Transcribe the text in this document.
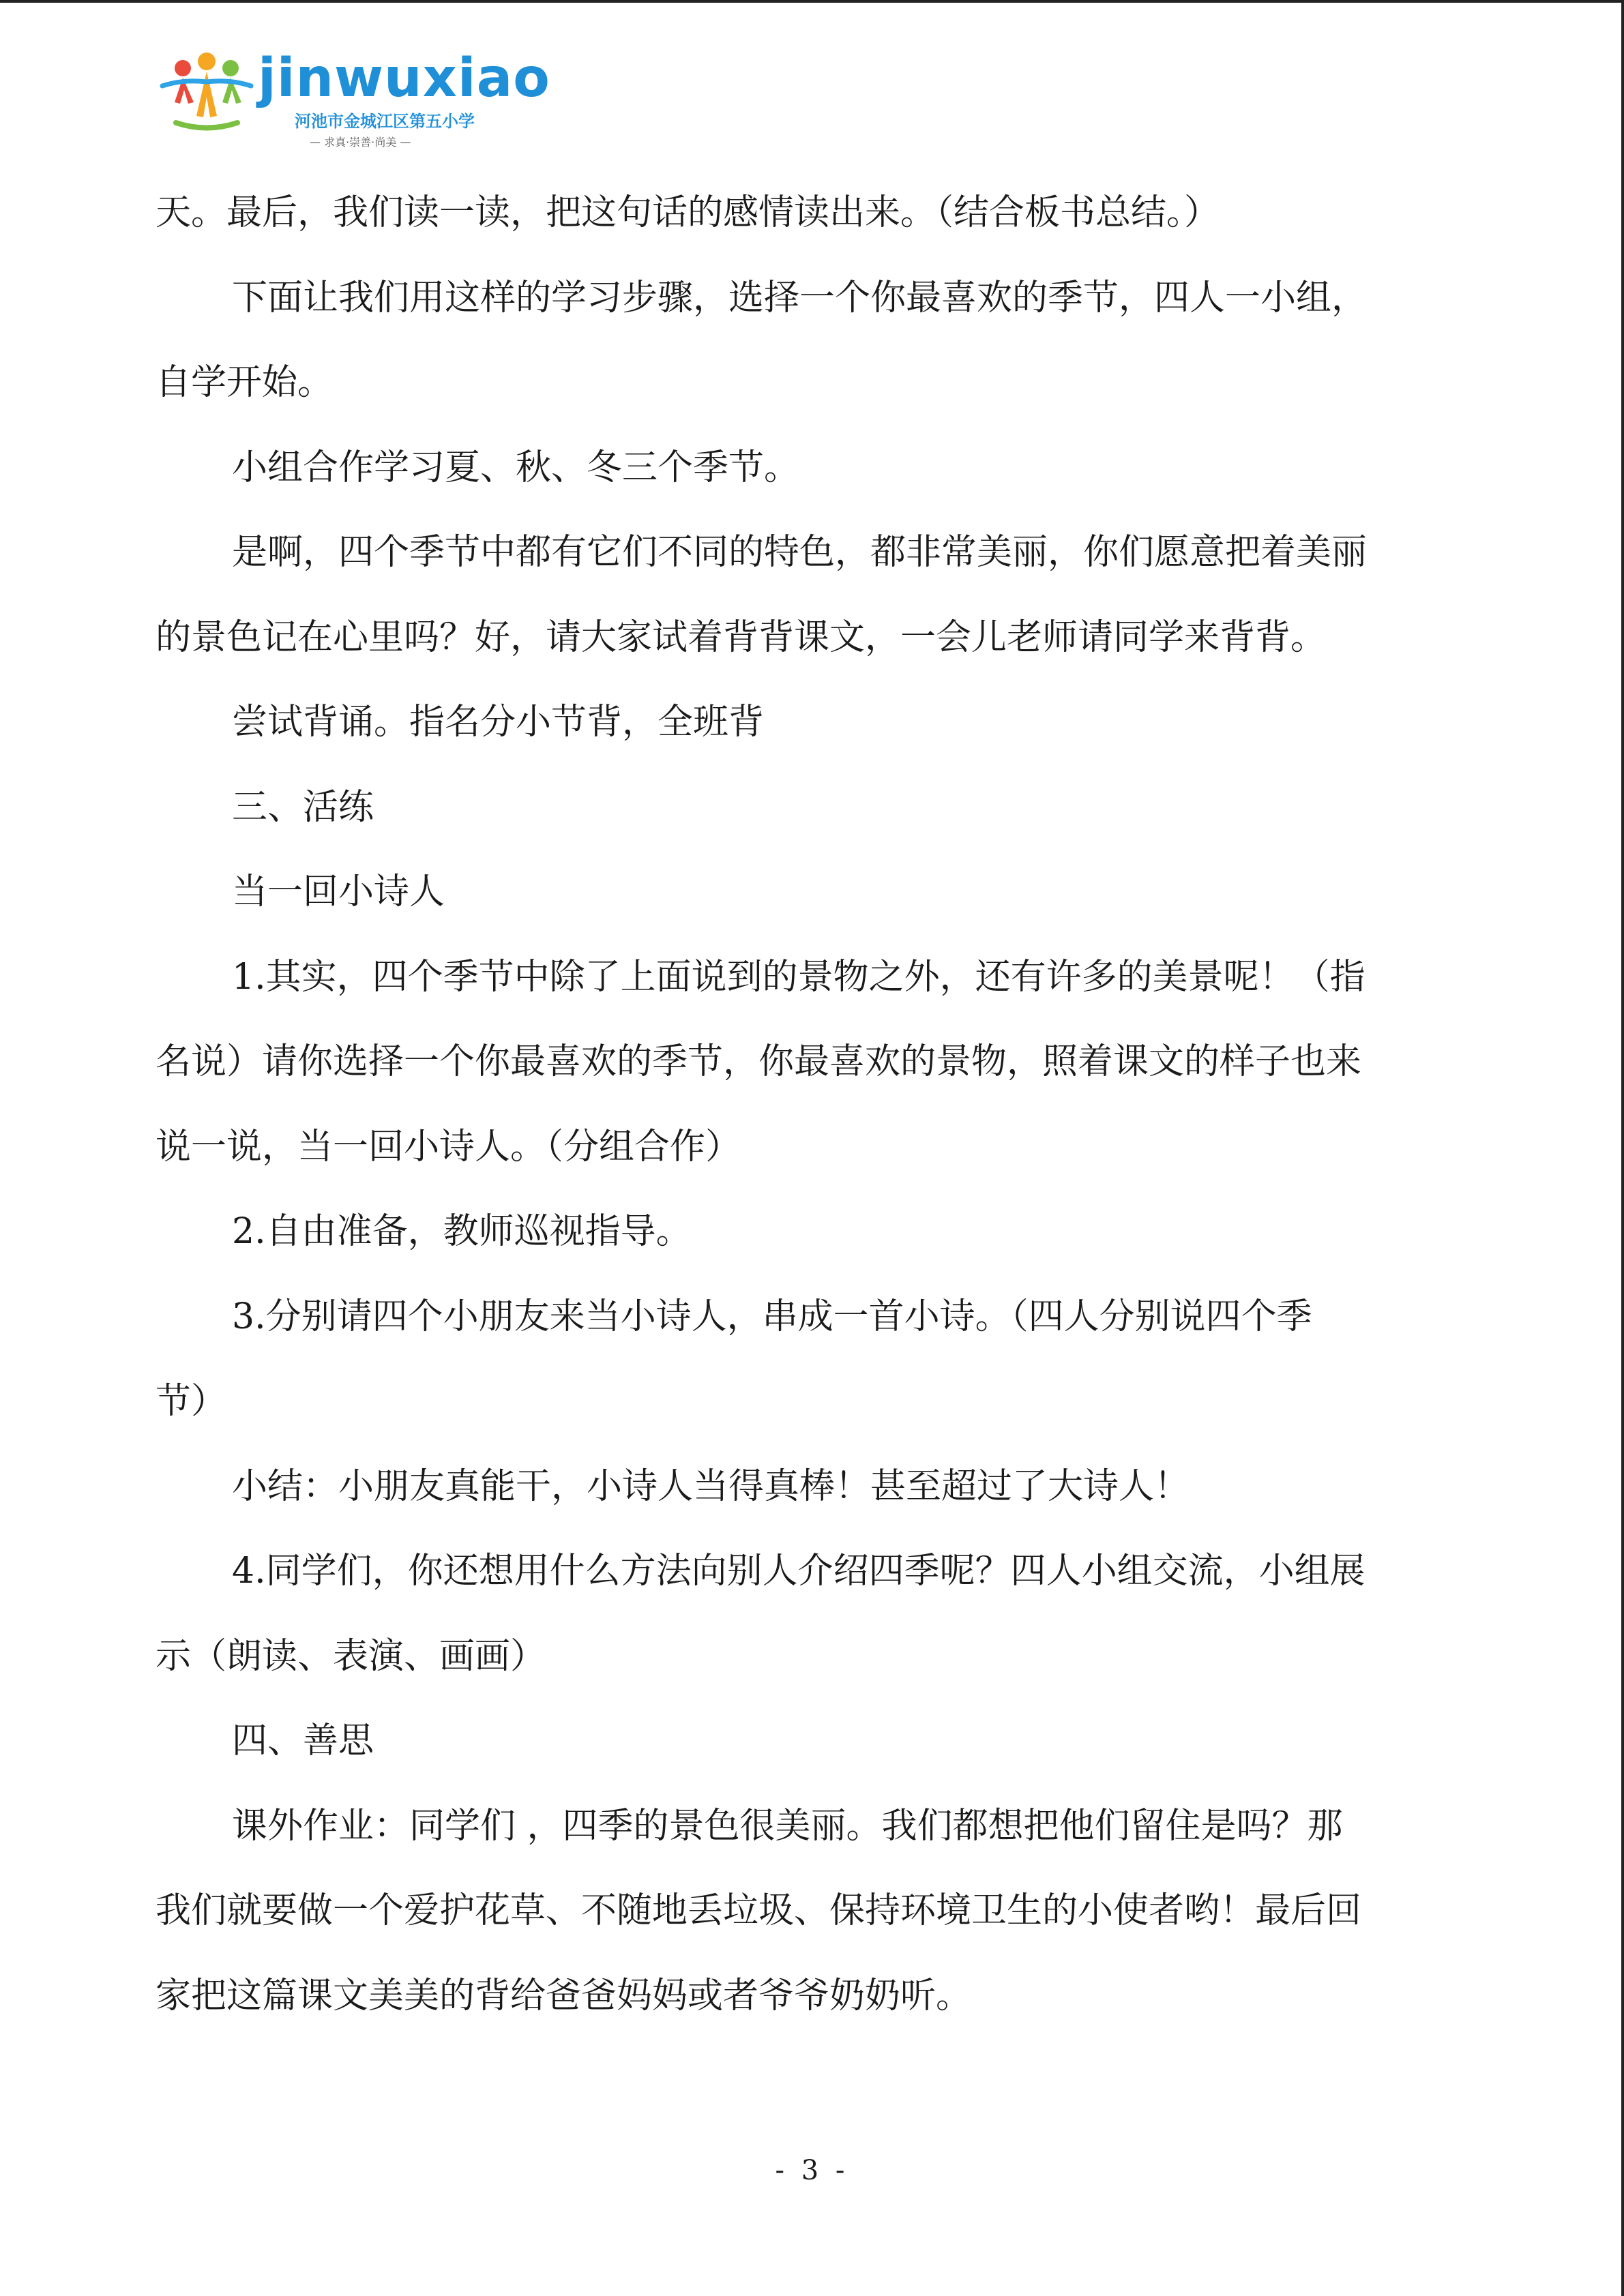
jinwuxiao
河池市金城江区第五小学
— 求真·崇善·尚美 —
天。最后，我们读一读，把这句话的感情读出来。（结合板书总结。）
下面让我们用这样的学习步骤，选择一个你最喜欢的季节，四人一小组，
自学开始。
小组合作学习夏、秋、冬三个季节。
是啊，四个季节中都有它们不同的特色，都非常美丽，你们愿意把着美丽
的景色记在心里吗？好，请大家试着背背课文，一会儿老师请同学来背背。
尝试背诵。指名分小节背，全班背
三、活练
当一回小诗人
1.其实，四个季节中除了上面说到的景物之外，还有许多的美景呢！（指
名说）请你选择一个你最喜欢的季节，你最喜欢的景物，照着课文的样子也来
说一说，当一回小诗人。（分组合作）
2.自由准备，教师巡视指导。
3.分别请四个小朋友来当小诗人，串成一首小诗。（四人分别说四个季
节）
小结：小朋友真能干，小诗人当得真棒！甚至超过了大诗人！
4.同学们，你还想用什么方法向别人介绍四季呢？四人小组交流，小组展
示（朗读、表演、画画）
四、善思
课外作业：同学们 ，四季的景色很美丽。我们都想把他们留住是吗？那
我们就要做一个爱护花草、不随地丢垃圾、保持环境卫生的小使者哟！最后回
家把这篇课文美美的背给爸爸妈妈或者爷爷奶奶听。
- 3 -
